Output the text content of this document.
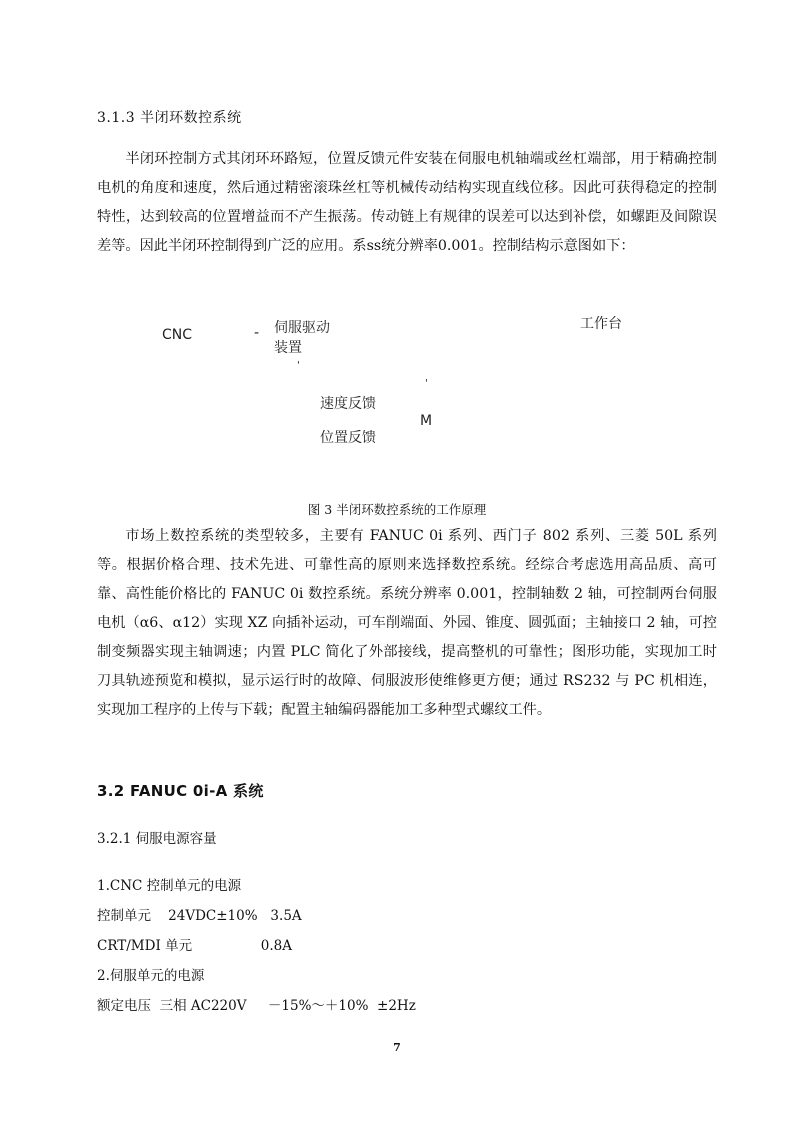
3.1.3 半闭环数控系统

半闭环控制方式其闭环环路短，位置反馈元件安装在伺服电机轴端或丝杠端部，用于精确控制电机的角度和速度，然后通过精密滚珠丝杠等机械传动结构实现直线位移。因此可获得稳定的控制特性，达到较高的位置增益而不产生振荡。传动链上有规律的误差可以达到补偿，如螺距及间隙误差等。因此半闭环控制得到广泛的应用。系ss统分辨率0.001。控制结构示意图如下：

CNC	- 伺服驱动
装置
'
工作台
'
速度反馈
M
位置反馈
图 3 半闭环数控系统的工作原理

市场上数控系统的类型较多，主要有 FANUC 0i 系列、西门子 802 系列、三菱 50L 系列等。根据价格合理、技术先进、可靠性高的原则来选择数控系统。经综合考虑选用高品质、高可靠、高性能价格比的 FANUC 0i 数控系统。系统分辨率 0.001，控制轴数 2 轴，可控制两台伺服电机（α6、α12）实现 XZ 向插补运动，可车削端面、外园、锥度、圆弧面；主轴接口 2 轴，可控制变频器实现主轴调速；内置 PLC 简化了外部接线，提高整机的可靠性；图形功能，实现加工时刀具轨迹预览和模拟，显示运行时的故障、伺服波形使维修更方便；通过 RS232 与 PC 机相连，实现加工程序的上传与下载；配置主轴编码器能加工多种型式螺纹工件。

3.2 FANUC 0i-A 系统
3.2.1 伺服电源容量
1.CNC 控制单元的电源
控制单元    24VDC±10%   3.5A
CRT/MDI 单元                0.8A
2.伺服单元的电源
额定电压  三相 AC220V     －15%～＋10%  ±2Hz
7
